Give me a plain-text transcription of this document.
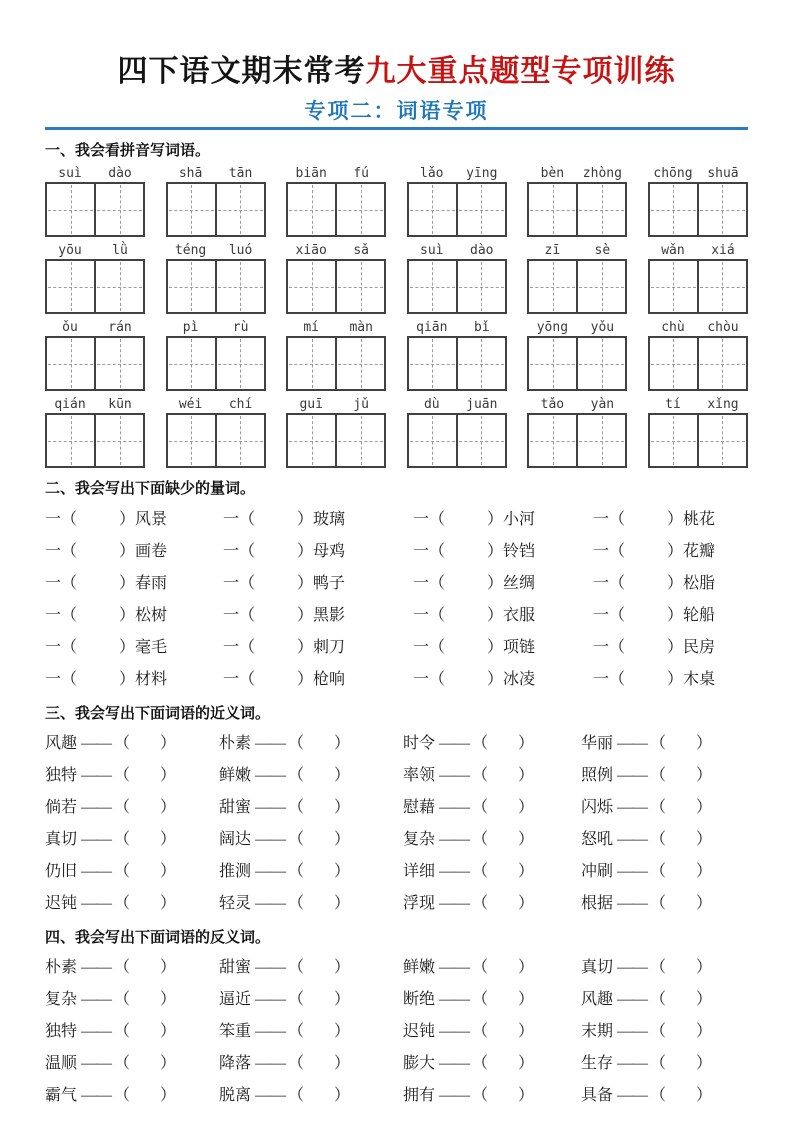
四下语文期末常考九大重点题型专项训练
专项二：词语专项
一、我会看拼音写词语。
suì	dào	shā	tān	biān	fú	lǎo	yīng	bèn	zhòng	chōng	shuā
yōu	lǜ	téng	luó	xiāo	sǎ	suì	dào	zī	sè	wǎn	xiá
ǒu	rán	pì	rù	mí	màn	qiān	bǐ	yōng	yǒu	chù	chòu
qián	kūn	wéi	chí	guī	jǔ	dù	juān	tǎo	yàn	tí	xǐng
二、我会写出下面缺少的量词。
一（	）风景	一（	）玻璃	一（	）小河	一（	）桃花
一（	）画卷	一（	）母鸡	一（	）铃铛	一（	）花瓣
一（	）春雨	一（	）鸭子	一（	）丝绸	一（	）松脂
一（	）松树	一（	）黑影	一（	）衣服	一（	）轮船
一（	）毫毛	一（	）刺刀	一（	）项链	一（	）民房
一（	）材料	一（	）枪响	一（	）冰凌	一（	）木桌
三、我会写出下面词语的近义词。
风趣 —— （ ）	朴素 —— （ ）	时令 —— （ ）	华丽 —— （ ）
独特 —— （ ）	鲜嫩 —— （ ）	率领 —— （ ）	照例 —— （ ）
倘若 —— （ ）	甜蜜 —— （ ）	慰藉 —— （ ）	闪烁 —— （ ）
真切 —— （ ）	阔达 —— （ ）	复杂 —— （ ）	怒吼 —— （ ）
仍旧 —— （ ）	推测 —— （ ）	详细 —— （ ）	冲刷 —— （ ）
迟钝 —— （ ）	轻灵 —— （ ）	浮现 —— （ ）	根据 —— （ ）
四、我会写出下面词语的反义词。
朴素 —— （ ）	甜蜜 —— （ ）	鲜嫩 —— （ ）	真切 —— （ ）
复杂 —— （ ）	逼近 —— （ ）	断绝 —— （ ）	风趣 —— （ ）
独特 —— （ ）	笨重 —— （ ）	迟钝 —— （ ）	末期 —— （ ）
温顺 —— （ ）	降落 —— （ ）	膨大 —— （ ）	生存 —— （ ）
霸气 —— （ ）	脱离 —— （ ）	拥有 —— （ ）	具备 —— （ ）
